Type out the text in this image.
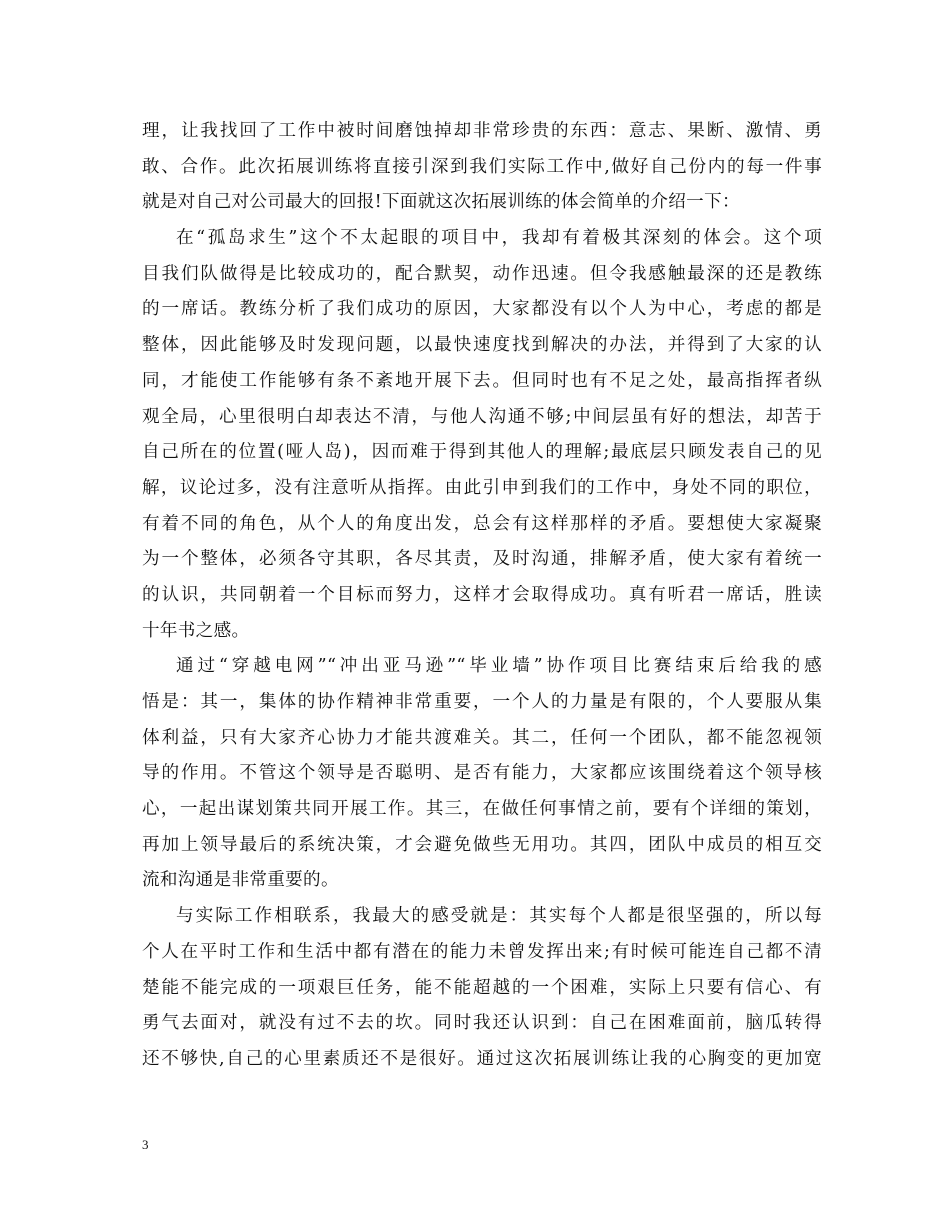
理，让我找回了工作中被时间磨蚀掉却非常珍贵的东西：意志、果断、激情、勇
敢、合作。此次拓展训练将直接引深到我们实际工作中,做好自己份内的每一件事
就是对自己对公司最大的回报!下面就这次拓展训练的体会简单的介绍一下：
在“孤岛求生”这个不太起眼的项目中，我却有着极其深刻的体会。这个项
目我们队做得是比较成功的，配合默契，动作迅速。但令我感触最深的还是教练
的一席话。教练分析了我们成功的原因，大家都没有以个人为中心，考虑的都是
整体，因此能够及时发现问题，以最快速度找到解决的办法，并得到了大家的认
同，才能使工作能够有条不紊地开展下去。但同时也有不足之处，最高指挥者纵
观全局，心里很明白却表达不清，与他人沟通不够;中间层虽有好的想法，却苦于
自己所在的位置(哑人岛)，因而难于得到其他人的理解;最底层只顾发表自己的见
解，议论过多，没有注意听从指挥。由此引申到我们的工作中，身处不同的职位，
有着不同的角色，从个人的角度出发，总会有这样那样的矛盾。要想使大家凝聚
为一个整体，必须各守其职，各尽其责，及时沟通，排解矛盾，使大家有着统一
的认识，共同朝着一个目标而努力，这样才会取得成功。真有听君一席话，胜读
十年书之感。
通过“穿越电网”“冲出亚马逊”“毕业墙”协作项目比赛结束后给我的感
悟是：其一，集体的协作精神非常重要，一个人的力量是有限的，个人要服从集
体利益，只有大家齐心协力才能共渡难关。其二，任何一个团队，都不能忽视领
导的作用。不管这个领导是否聪明、是否有能力，大家都应该围绕着这个领导核
心，一起出谋划策共同开展工作。其三，在做任何事情之前，要有个详细的策划，
再加上领导最后的系统决策，才会避免做些无用功。其四，团队中成员的相互交
流和沟通是非常重要的。
与实际工作相联系，我最大的感受就是：其实每个人都是很坚强的，所以每
个人在平时工作和生活中都有潜在的能力未曾发挥出来;有时候可能连自己都不清
楚能不能完成的一项艰巨任务，能不能超越的一个困难，实际上只要有信心、有
勇气去面对，就没有过不去的坎。同时我还认识到：自己在困难面前，脑瓜转得
还不够快,自己的心里素质还不是很好。通过这次拓展训练让我的心胸变的更加宽
3
